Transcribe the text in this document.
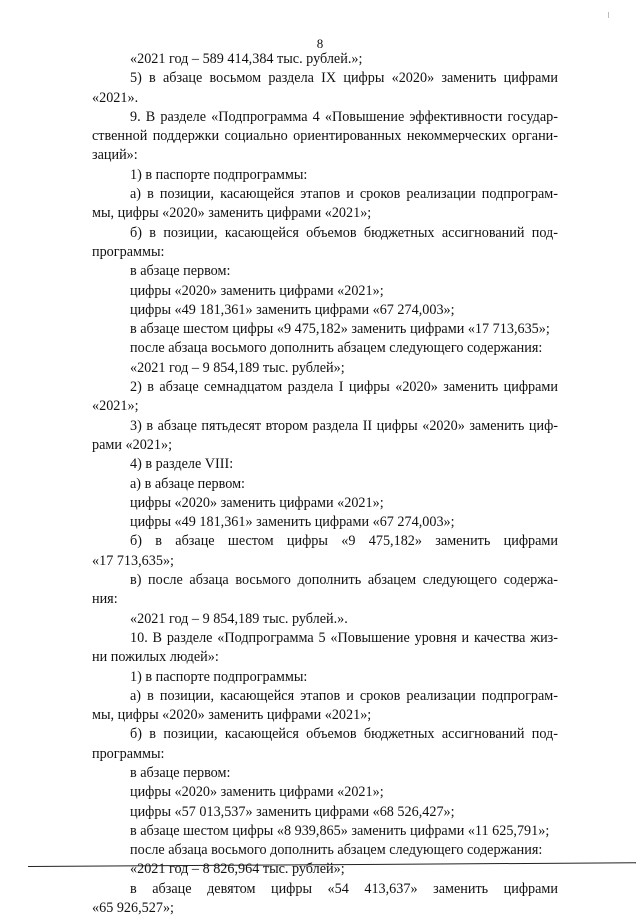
8
«2021 год – 589 414,384 тыс. рублей.»;
5) в абзаце восьмом раздела IX цифры «2020» заменить цифрами
«2021».
9. В разделе «Подпрограмма 4 «Повышение эффективности государ-
ственной поддержки социально ориентированных некоммерческих органи-
заций»:
1) в паспорте подпрограммы:
а) в позиции, касающейся этапов и сроков реализации подпрограм-
мы, цифры «2020» заменить цифрами «2021»;
б) в позиции, касающейся объемов бюджетных ассигнований под-
программы:
в абзаце первом:
цифры «2020» заменить цифрами «2021»;
цифры «49 181,361» заменить цифрами «67 274,003»;
в абзаце шестом цифры «9 475,182» заменить цифрами «17 713,635»;
после абзаца восьмого дополнить абзацем следующего содержания:
«2021 год – 9 854,189 тыс. рублей»;
2) в абзаце семнадцатом раздела I цифры «2020» заменить цифрами
«2021»;
3) в абзаце пятьдесят втором раздела II цифры «2020» заменить циф-
рами «2021»;
4) в разделе VIII:
а) в абзаце первом:
цифры «2020» заменить цифрами «2021»;
цифры «49 181,361» заменить цифрами «67 274,003»;
б) в абзаце шестом цифры «9 475,182» заменить цифрами
«17 713,635»;
в) после абзаца восьмого дополнить абзацем следующего содержа-
ния:
«2021 год – 9 854,189 тыс. рублей.».
10. В разделе «Подпрограмма 5 «Повышение уровня и качества жиз-
ни пожилых людей»:
1) в паспорте подпрограммы:
а) в позиции, касающейся этапов и сроков реализации подпрограм-
мы, цифры «2020» заменить цифрами «2021»;
б) в позиции, касающейся объемов бюджетных ассигнований под-
программы:
в абзаце первом:
цифры «2020» заменить цифрами «2021»;
цифры «57 013,537» заменить цифрами «68 526,427»;
в абзаце шестом цифры «8 939,865» заменить цифрами «11 625,791»;
после абзаца восьмого дополнить абзацем следующего содержания:
«2021 год – 8 826,964 тыс. рублей»;
в абзаце девятом цифры «54 413,637» заменить цифрами
«65 926,527»;
